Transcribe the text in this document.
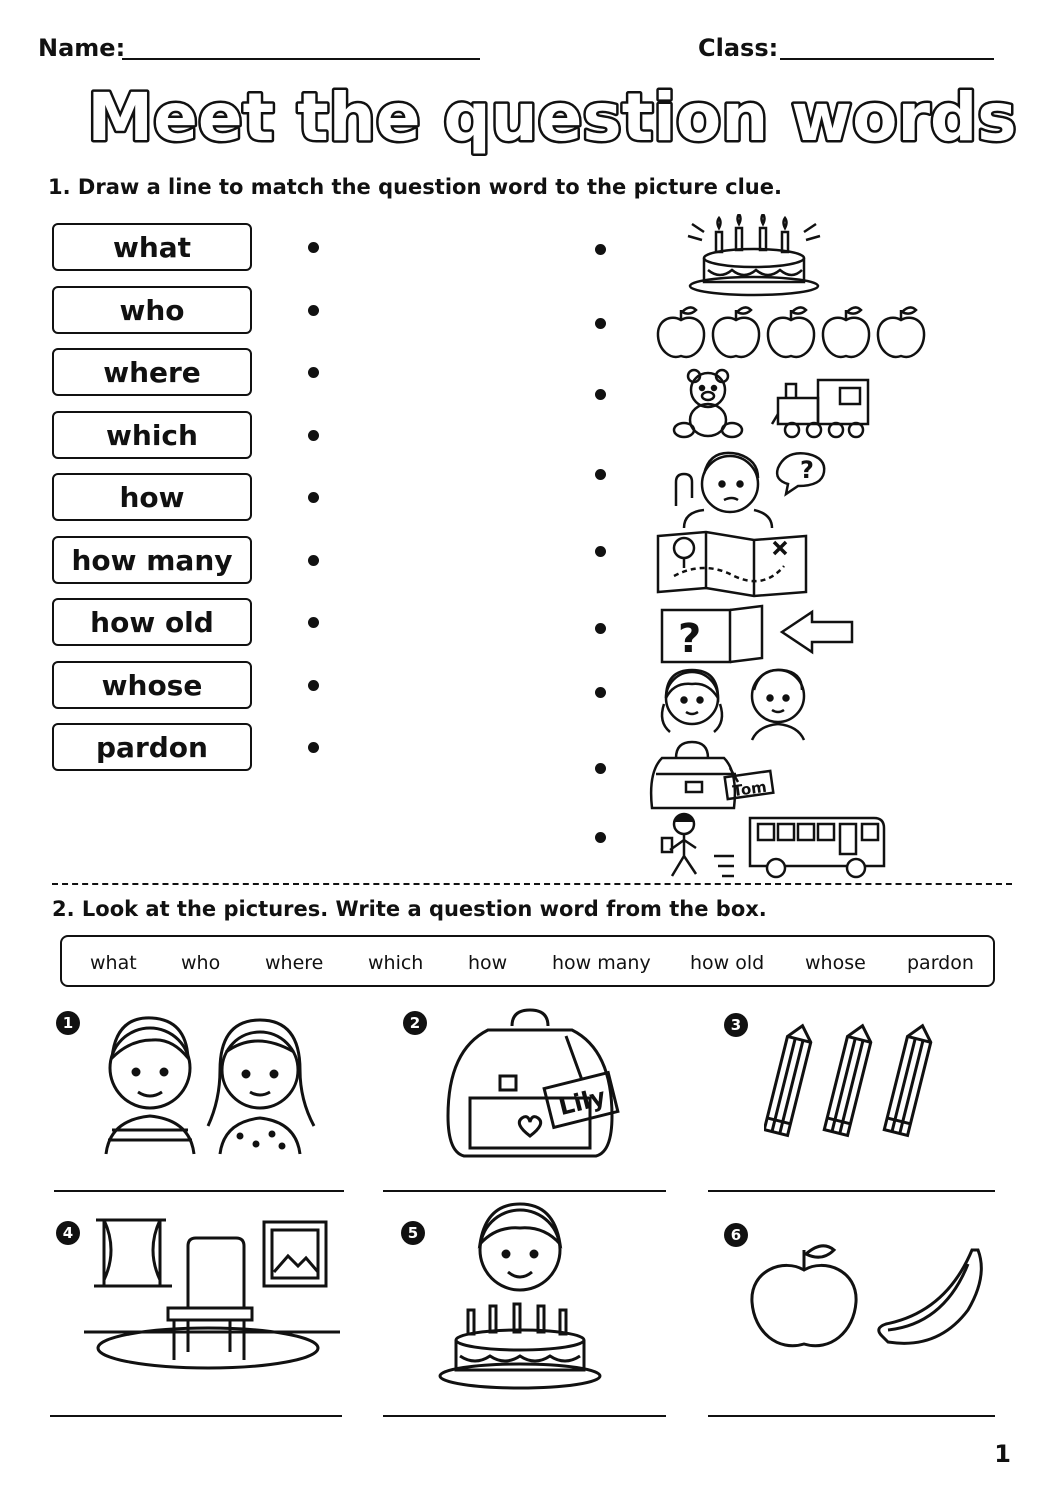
Name:	Class:
Meet the question words
1. Draw a line to match the question word to the picture clue.
what
who
where
which
how
how many
how old
whose
pardon
?
?
Tom
2. Look at the pictures. Write a question word from the box.
what who where which how how many how old whose pardon
1	2	3
4	5	6
Lily
1
